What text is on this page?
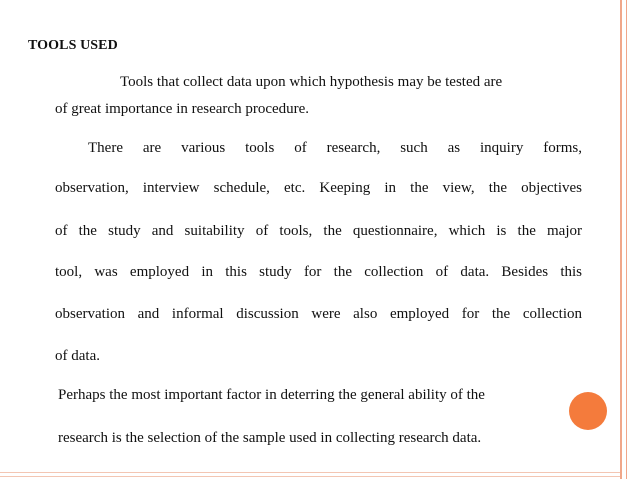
TOOLS USED
Tools that collect data upon which hypothesis may be tested are
of great importance in research procedure.
There are various tools of research, such as inquiry forms,
observation, interview schedule, etc. Keeping in the view, the objectives
of the study and suitability of tools, the questionnaire, which is the major
tool, was employed in this study for the collection of data. Besides this
observation and informal discussion were also employed for the collection
of data.
Perhaps the most important factor in deterring the general ability of the
research is the selection of the sample used in collecting research data.
